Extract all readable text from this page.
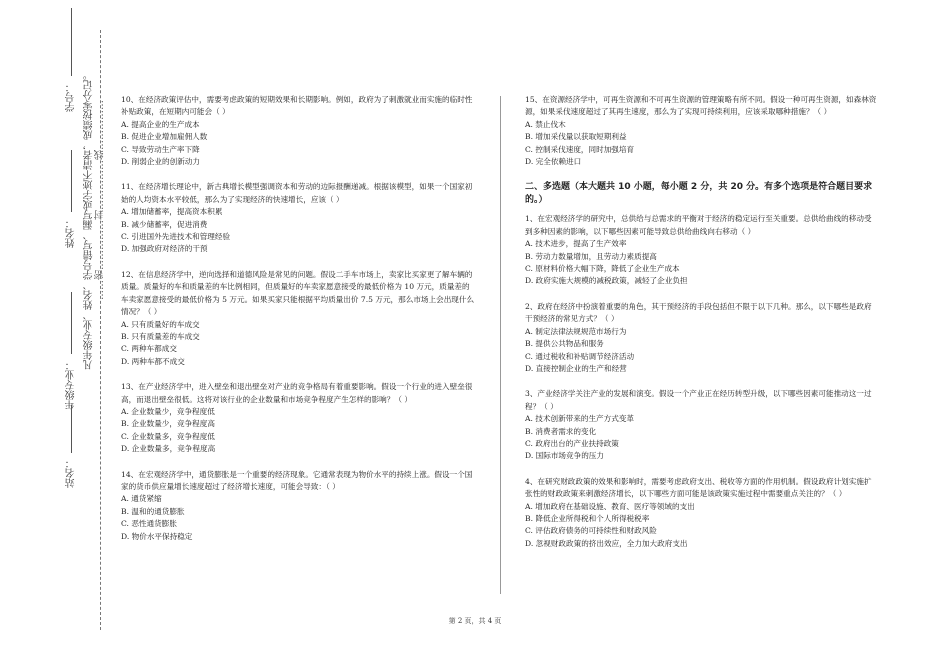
学号：
姓名：
年级专业：
站名：
凡年级专业、姓名、学号错写、漏写或字迹不清者，成绩按零分记。 ……密……………封……………线……………
10、在经济政策评估中，需要考虑政策的短期效果和长期影响。例如，政府为了刺激就业而实施的临时性补贴政策，在短期内可能会（ ）
A. 提高企业的生产成本
B. 促进企业增加雇佣人数
C. 导致劳动生产率下降
D. 削弱企业的创新动力
11、在经济增长理论中，新古典增长模型强调资本和劳动的边际报酬递减。根据该模型，如果一个国家初始的人均资本水平较低，那么为了实现经济的快速增长，应该（ ）
A. 增加储蓄率，提高资本积累
B. 减少储蓄率，促进消费
C. 引进国外先进技术和管理经验
D. 加强政府对经济的干预
12、在信息经济学中，逆向选择和道德风险是常见的问题。假设二手车市场上，卖家比买家更了解车辆的质量。质量好的车和质量差的车比例相同，但质量好的车卖家愿意接受的最低价格为 10 万元，质量差的车卖家愿意接受的最低价格为 5 万元。如果买家只能根据平均质量出价 7.5 万元，那么市场上会出现什么情况？（ ）
A. 只有质量好的车成交
B. 只有质量差的车成交
C. 两种车都成交
D. 两种车都不成交
13、在产业经济学中，进入壁垒和退出壁垒对产业的竞争格局有着重要影响。假设一个行业的进入壁垒很高，而退出壁垒很低。这将对该行业的企业数量和市场竞争程度产生怎样的影响？（ ）
A. 企业数量少，竞争程度低
B. 企业数量少，竞争程度高
C. 企业数量多，竞争程度低
D. 企业数量多，竞争程度高
14、在宏观经济学中，通货膨胀是一个重要的经济现象。它通常表现为物价水平的持续上涨。假设一个国家的货币供应量增长速度超过了经济增长速度，可能会导致：（ ）
A. 通货紧缩
B. 温和的通货膨胀
C. 恶性通货膨胀
D. 物价水平保持稳定
15、在资源经济学中，可再生资源和不可再生资源的管理策略有所不同。假设一种可再生资源，如森林资源，如果采伐速度超过了其再生速度，那么为了实现可持续利用，应该采取哪种措施？（ ）
A. 禁止伐木
B. 增加采伐量以获取短期利益
C. 控制采伐速度，同时加强培育
D. 完全依赖进口
二、多选题（本大题共 10 小题，每小题 2 分，共 20 分。有多个选项是符合题目要求的。）
1、在宏观经济学的研究中，总供给与总需求的平衡对于经济的稳定运行至关重要。总供给曲线的移动受到多种因素的影响，以下哪些因素可能导致总供给曲线向右移动（ ）
A. 技术进步，提高了生产效率
B. 劳动力数量增加，且劳动力素质提高
C. 原材料价格大幅下降，降低了企业生产成本
D. 政府实施大规模的减税政策，减轻了企业负担
2、政府在经济中扮演着重要的角色，其干预经济的手段包括但不限于以下几种。那么，以下哪些是政府干预经济的常见方式？（ ）
A. 制定法律法规规范市场行为
B. 提供公共物品和服务
C. 通过税收和补贴调节经济活动
D. 直接控制企业的生产和经营
3、产业经济学关注产业的发展和演变。假设一个产业正在经历转型升级，以下哪些因素可能推动这一过程？（ ）
A. 技术创新带来的生产方式变革
B. 消费者需求的变化
C. 政府出台的产业扶持政策
D. 国际市场竞争的压力
4、在研究财政政策的效果和影响时，需要考虑政府支出、税收等方面的作用机制。假设政府计划实施扩张性的财政政策来刺激经济增长，以下哪些方面可能是该政策实施过程中需要重点关注的？（ ）
A. 增加政府在基础设施、教育、医疗等领域的支出
B. 降低企业所得税和个人所得税税率
C. 评估政府债务的可持续性和财政风险
D. 忽视财政政策的挤出效应，全力加大政府支出
第 2 页，共 4 页
